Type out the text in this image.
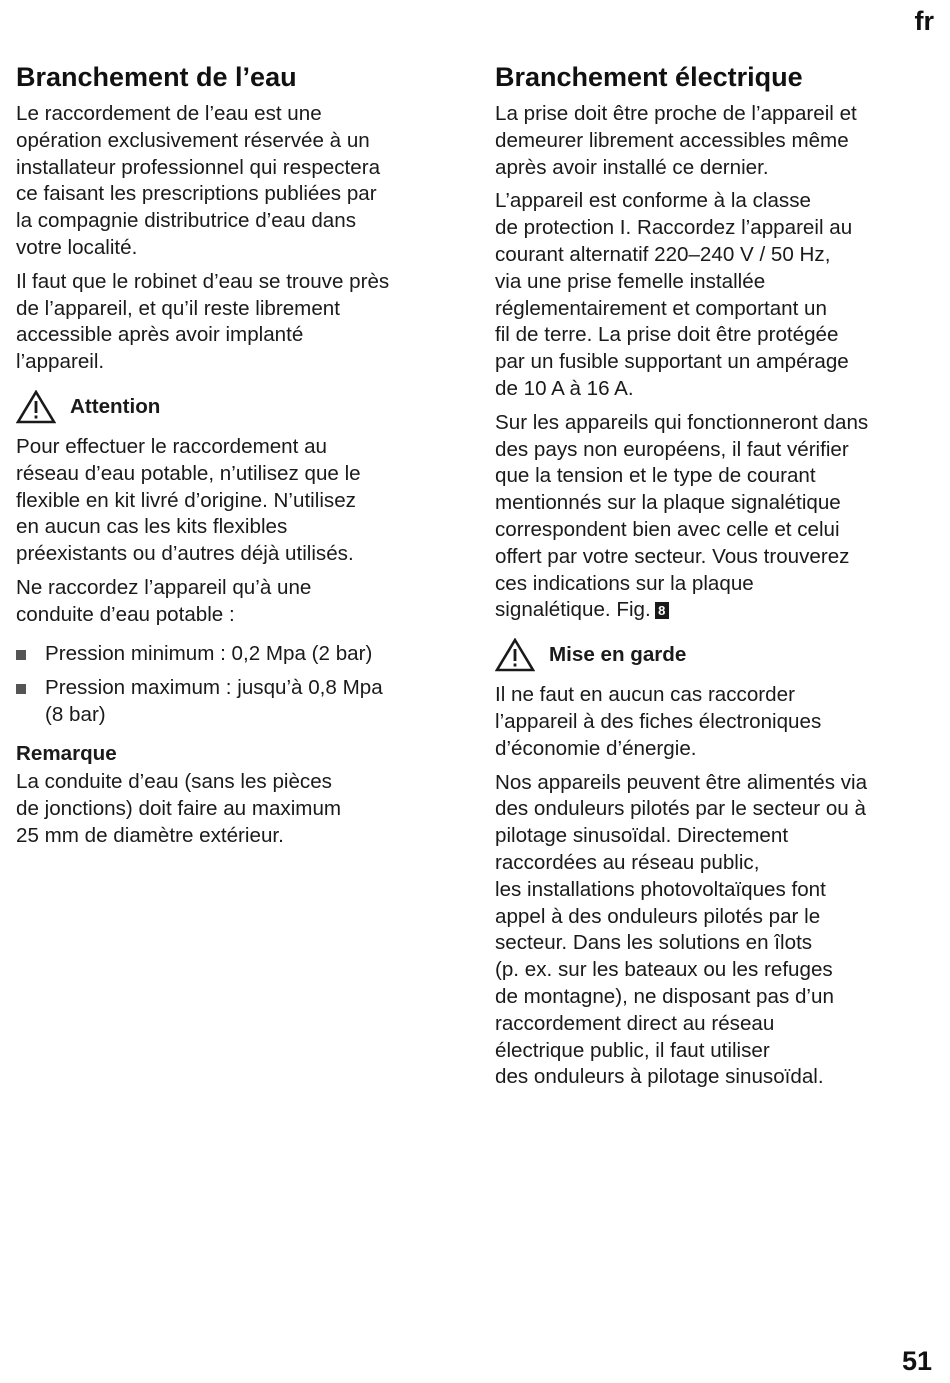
fr
Branchement de l’eau

Le raccordement de l’eau est une
opération exclusivement réservée à un
installateur professionnel qui respectera
ce faisant les prescriptions publiées par
la compagnie distributrice d’eau dans
votre localité.

Il faut que le robinet d’eau se trouve près
de l’appareil, et qu’il reste librement
accessible après avoir implanté
l’appareil.

Attention

Pour effectuer le raccordement au
réseau d’eau potable, n’utilisez que le
flexible en kit livré d’origine. N’utilisez
en aucun cas les kits flexibles
préexistants ou d’autres déjà utilisés.

Ne raccordez l’appareil qu’à une
conduite d’eau potable :

Pression minimum : 0,2 Mpa (2 bar)
Pression maximum : jusqu’à 0,8 Mpa
(8 bar)
Remarque

La conduite d’eau (sans les pièces
de jonctions) doit faire au maximum
25 mm de diamètre extérieur.

Branchement électrique

La prise doit être proche de l’appareil et
demeurer librement accessibles même
après avoir installé ce dernier.

L’appareil est conforme à la classe
de protection I. Raccordez l’appareil au
courant alternatif 220–240 V / 50 Hz,
via une prise femelle installée
réglementairement et comportant un
fil de terre. La prise doit être protégée
par un fusible supportant un ampérage
de 10 A à 16 A.

Sur les appareils qui fonctionneront dans
des pays non européens, il faut vérifier
que la tension et le type de courant
mentionnés sur la plaque signalétique
correspondent bien avec celle et celui
offert par votre secteur. Vous trouverez
ces indications sur la plaque
signalétique. Fig. 8

Mise en garde

Il ne faut en aucun cas raccorder
l’appareil à des fiches électroniques
d’économie d’énergie.

Nos appareils peuvent être alimentés via
des onduleurs pilotés par le secteur ou à
pilotage sinusoïdal. Directement
raccordées au réseau public,
les installations photovoltaïques font
appel à des onduleurs pilotés par le
secteur. Dans les solutions en îlots
(p. ex. sur les bateaux ou les refuges
de montagne), ne disposant pas d’un
raccordement direct au réseau
électrique public, il faut utiliser
des onduleurs à pilotage sinusoïdal.

51
